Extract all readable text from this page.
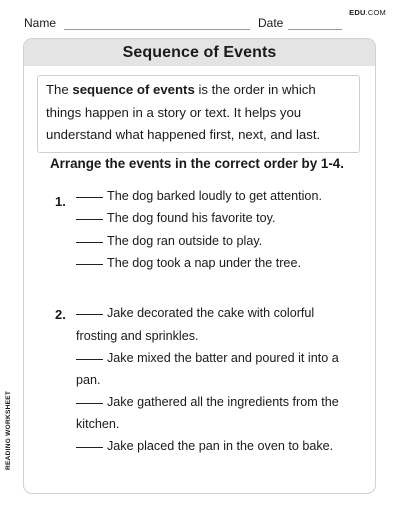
Name	Date
EDU.COM
Sequence of Events
The sequence of events is the order in which things happen in a story or text. It helps you understand what happened first, next, and last.
Arrange the events in the correct order by 1-4.
1.	The dog barked loudly to get attention.
The dog found his favorite toy.
The dog ran outside to play.
The dog took a nap under the tree.
2.	Jake decorated the cake with colorful
frosting and sprinkles.
Jake mixed the batter and poured it into a
pan.
Jake gathered all the ingredients from the
kitchen.
Jake placed the pan in the oven to bake.
READING WORKSHEET
